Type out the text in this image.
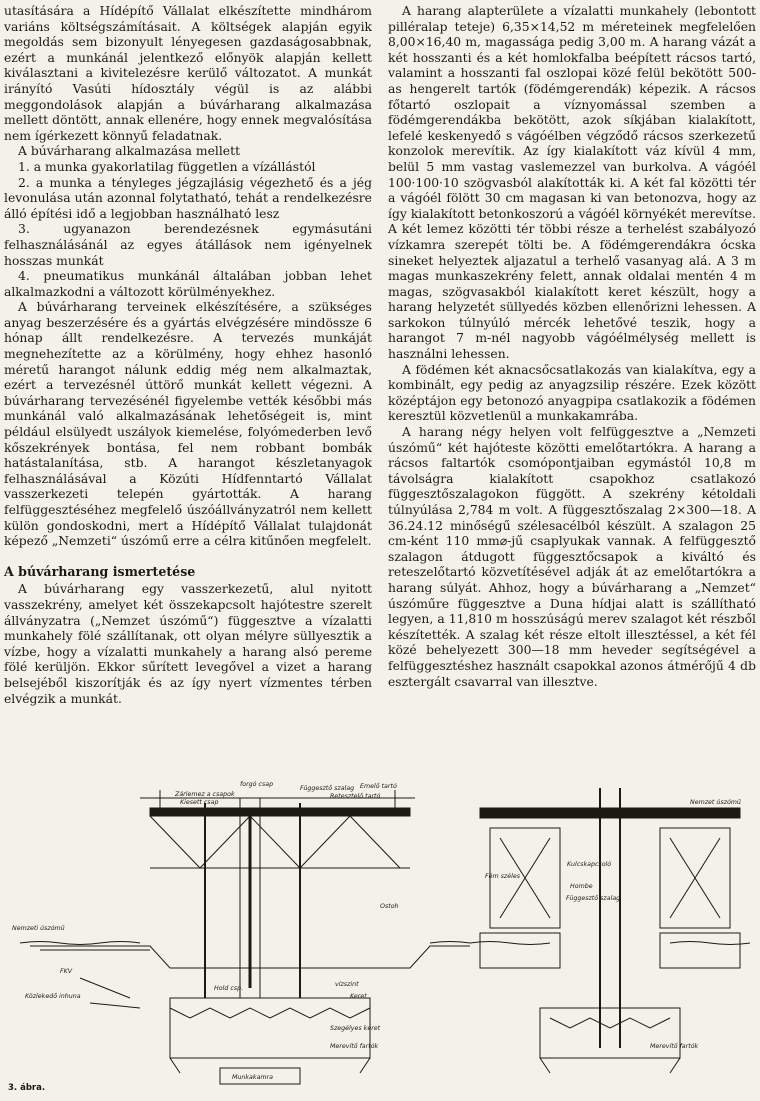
utasítására a Hídépítő Vállalat elkészítette mindhárom variáns költségszámításait. A költségek alapján egyik megoldás sem bizonyult lényegesen gazdaságosabbnak, ezért a munkánál jelentkező előnyök alapján kellett kiválasztani a kivitelezésre kerülő változatot. A munkát irányító Vasúti hídosztály végül is az alábbi meggondolások alapján a búvárharang alkalmazása mellett döntött, annak ellenére, hogy ennek megvalósítása nem ígérkezett könnyű feladatnak.

A búvárharang alkalmazása mellett

1. a munka gyakorlatilag független a vízállástól

2. a munka a tényleges jégzajlásig végezhető és a jég levonulása után azonnal folytatható, tehát a rendelkezésre álló építési idő a legjobban használható lesz

3. ugyanazon berendezésnek egymásutáni felhasználásánál az egyes átállások nem igényelnek hosszas munkát

4. pneumatikus munkánál általában jobban lehet alkalmazkodni a változott körülményekhez.

A búvárharang terveinek elkészítésére, a szükséges anyag beszerzésére és a gyártás elvégzésére mindössze 6 hónap állt rendelkezésre. A tervezés munkáját megnehezítette az a körülmény, hogy ehhez hasonló méretű harangot nálunk eddig még nem alkalmaztak, ezért a tervezésnél úttörő munkát kellett végezni. A búvárharang tervezésénél figyelembe vették későbbi más munkánál való alkalmazásának lehetőségeit is, mint például elsülyedt uszályok kiemelése, folyómederben levő kőszekrények bontása, fel nem robbant bombák hatástalanítása, stb. A harangot készletanyagok felhasználásával a Közúti Hídfenntartó Vállalat vasszerkezeti telepén gyártották. A harang felfüggesztéséhez megfelelő úszóállványzatról nem kellett külön gondoskodni, mert a Hídépítő Vállalat tulajdonát képező „Nemzeti“ úszómű erre a célra kitűnően megfelelt.

A búvárharang ismertetése

A búvárharang egy vasszerkezetű, alul nyitott vasszekrény, amelyet két összekapcsolt hajótestre szerelt állványzatra („Nemzet úszómű“) függesztve a vízalatti munkahely fölé szállítanak, ott olyan mélyre süllyesztik a vízbe, hogy a vízalatti munkahely a harang alsó pereme fölé kerüljön. Ekkor sűrített levegővel a vizet a harang belsejéből kiszorítják és az így nyert vízmentes térben elvégzik a munkát.

A harang alapterülete a vízalatti munkahely (lebontott pilléralap teteje) 6,35×14,52 m méreteinek megfelelően 8,00×16,40 m, magassága pedig 3,00 m. A harang vázát a két hosszanti és a két homlokfalba beépített rácsos tartó, valamint a hosszanti fal oszlopai közé felül bekötött 500-as hengerelt tartók (födémgerendák) képezik. A rácsos főtartó oszlopait a víznyomással szemben a födémgerendákba bekötött, azok síkjában kialakított, lefelé keskenyedő s vágóélben végződő rácsos szerkezetű konzolok merevítik. Az így kialakított váz kívül 4 mm, belül 5 mm vastag vaslemezzel van burkolva. A vágóél 100·100·10 szögvasból alakították ki. A két fal közötti tér a vágóél fölött 30 cm magasan ki van betonozva, hogy az így kialakított betonkoszorú a vágóél környékét merevítse. A két lemez közötti tér többi része a terhelést szabályozó vízkamra szerepét tölti be. A födémgerendákra ócska sineket helyeztek aljazatul a terhelő vasanyag alá. A 3 m magas munkaszekrény felett, annak oldalai mentén 4 m magas, szögvasakból kialakított keret készült, hogy a harang helyzetét süllyedés közben ellenőrizni lehessen. A sarkokon túlnyúló mércék lehetővé teszik, hogy a harangot 7 m-nél nagyobb vágóélmélység mellett is használni lehessen.

A födémen két aknacsőcsatlakozás van kialakítva, egy a kombinált, egy pedig az anyagzsilip részére. Ezek között középtájon egy betonozó anyagpipa csatlakozik a födémen keresztül közvetlenül a munkakamrába.

A harang négy helyen volt felfüggesztve a „Nemzeti úszómű“ két hajóteste közötti emelőtartókra. A harang a rácsos faltartók csomópontjaiban egymástól 10,8 m távolságra kialakított csapokhoz csatlakozó függesztőszalagokon függött. A szekrény kétoldali túlnyúlása 2,784 m volt. A függesztőszalag 2×300—18. A 36.24.12 minőségű szélesacélból készült. A szalagon 25 cm-ként 110 mm⌀-jű csaplyukak vannak. A felfüggesztő szalagon átdugott függesztőcsapok a kiváltó és reteszelőtartó közvetítésével adják át az emelőtartókra a harang súlyát. Ahhoz, hogy a búvárharang a „Nemzet“ úszóműre függesztve a Duna hídjai alatt is szállítható legyen, a 11,810 m hosszúságú merev szalagot két részből készítették. A szalag két része eltolt illesztéssel, a két fél közé behelyezett 300—18 mm heveder segítségével a felfüggesztéshez használt csapokkal azonos átmérőjű 4 db esztergált csavarral van illesztve.

forgó csap
Zárlemez a csapok
Kiesett csap
Függesztő szalag
Retesztelő tartó
Emelő tartó
Nemzeti úszómű
Ostoh
FKV
Közlekedő inhuna
Hold csp.
vízszint
Keret
Szegélyes keret
Merevítő fartók
Munkakamra
Nemzet úszómű
Kulcskapcsoló
Hombe
Függesztő szalag
Fém széles
Merevítő fartók
3. ábra.
